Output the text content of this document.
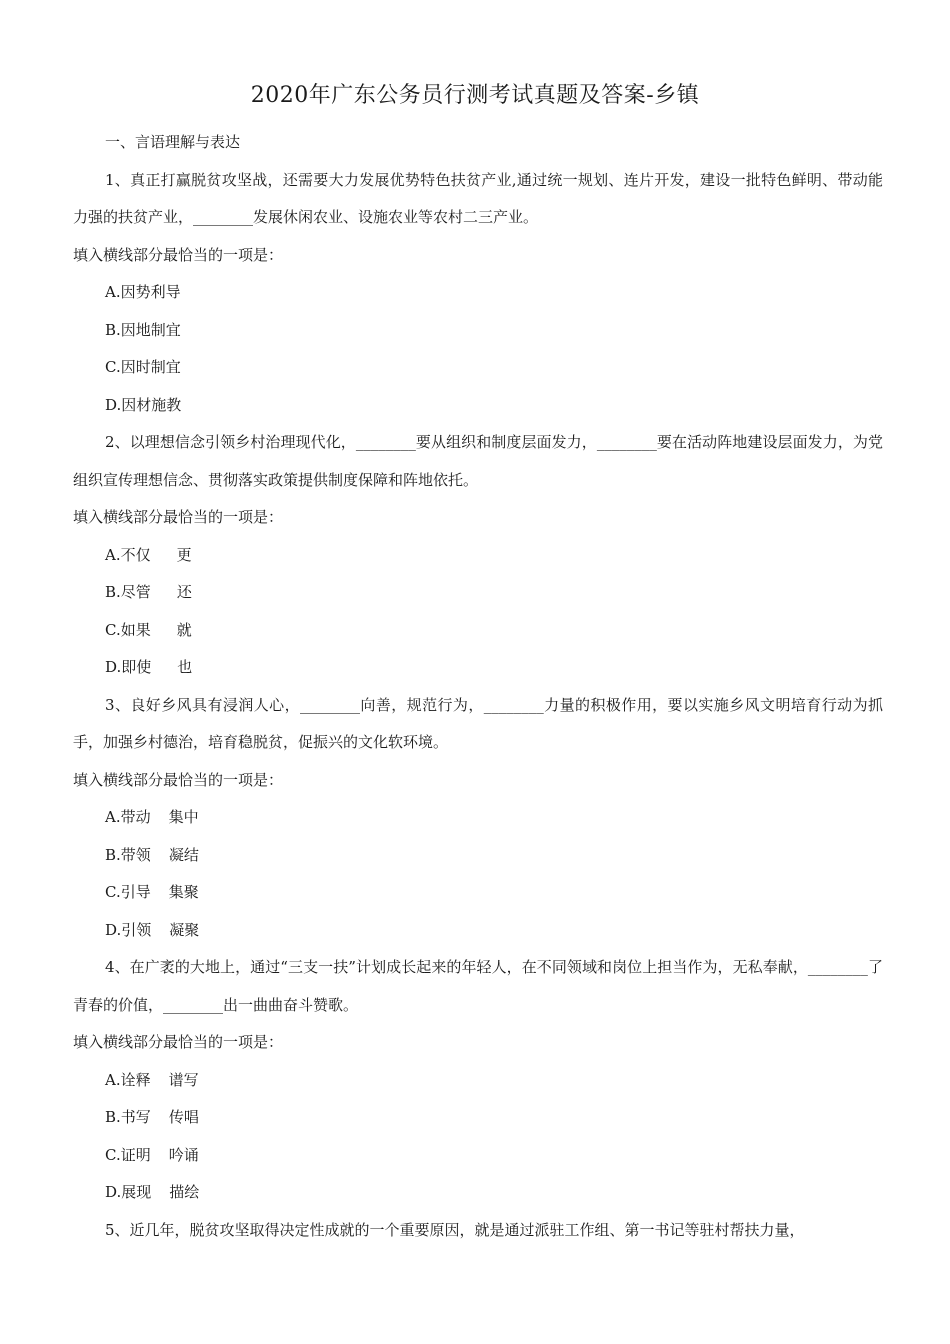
2020年广东公务员行测考试真题及答案-乡镇
一、言语理解与表达
1、真正打赢脱贫攻坚战，还需要大力发展优势特色扶贫产业,通过统一规划、连片开发，建设一批特色鲜明、带动能力强的扶贫产业，________发展休闲农业、设施农业等农村二三产业。
填入横线部分最恰当的一项是：
A.因势利导
B.因地制宜
C.因时制宜
D.因材施教
2、以理想信念引领乡村治理现代化，________要从组织和制度层面发力，________要在活动阵地建设层面发力，为党组织宣传理想信念、贯彻落实政策提供制度保障和阵地依托。
填入横线部分最恰当的一项是：
A.不仅 更
B.尽管 还
C.如果 就
D.即使 也
3、良好乡风具有浸润人心，________向善，规范行为，________力量的积极作用，要以实施乡风文明培育行动为抓手，加强乡村德治，培育稳脱贫，促振兴的文化软环境。
填入横线部分最恰当的一项是：
A.带动 集中
B.带领 凝结
C.引导 集聚
D.引领 凝聚
4、在广袤的大地上，通过“三支一扶”计划成长起来的年轻人，在不同领域和岗位上担当作为，无私奉献，________了青春的价值，________出一曲曲奋斗赞歌。
填入横线部分最恰当的一项是：
A.诠释 谱写
B.书写 传唱
C.证明 吟诵
D.展现 描绘
5、近几年，脱贫攻坚取得决定性成就的一个重要原因，就是通过派驻工作组、第一书记等驻村帮扶力量，
